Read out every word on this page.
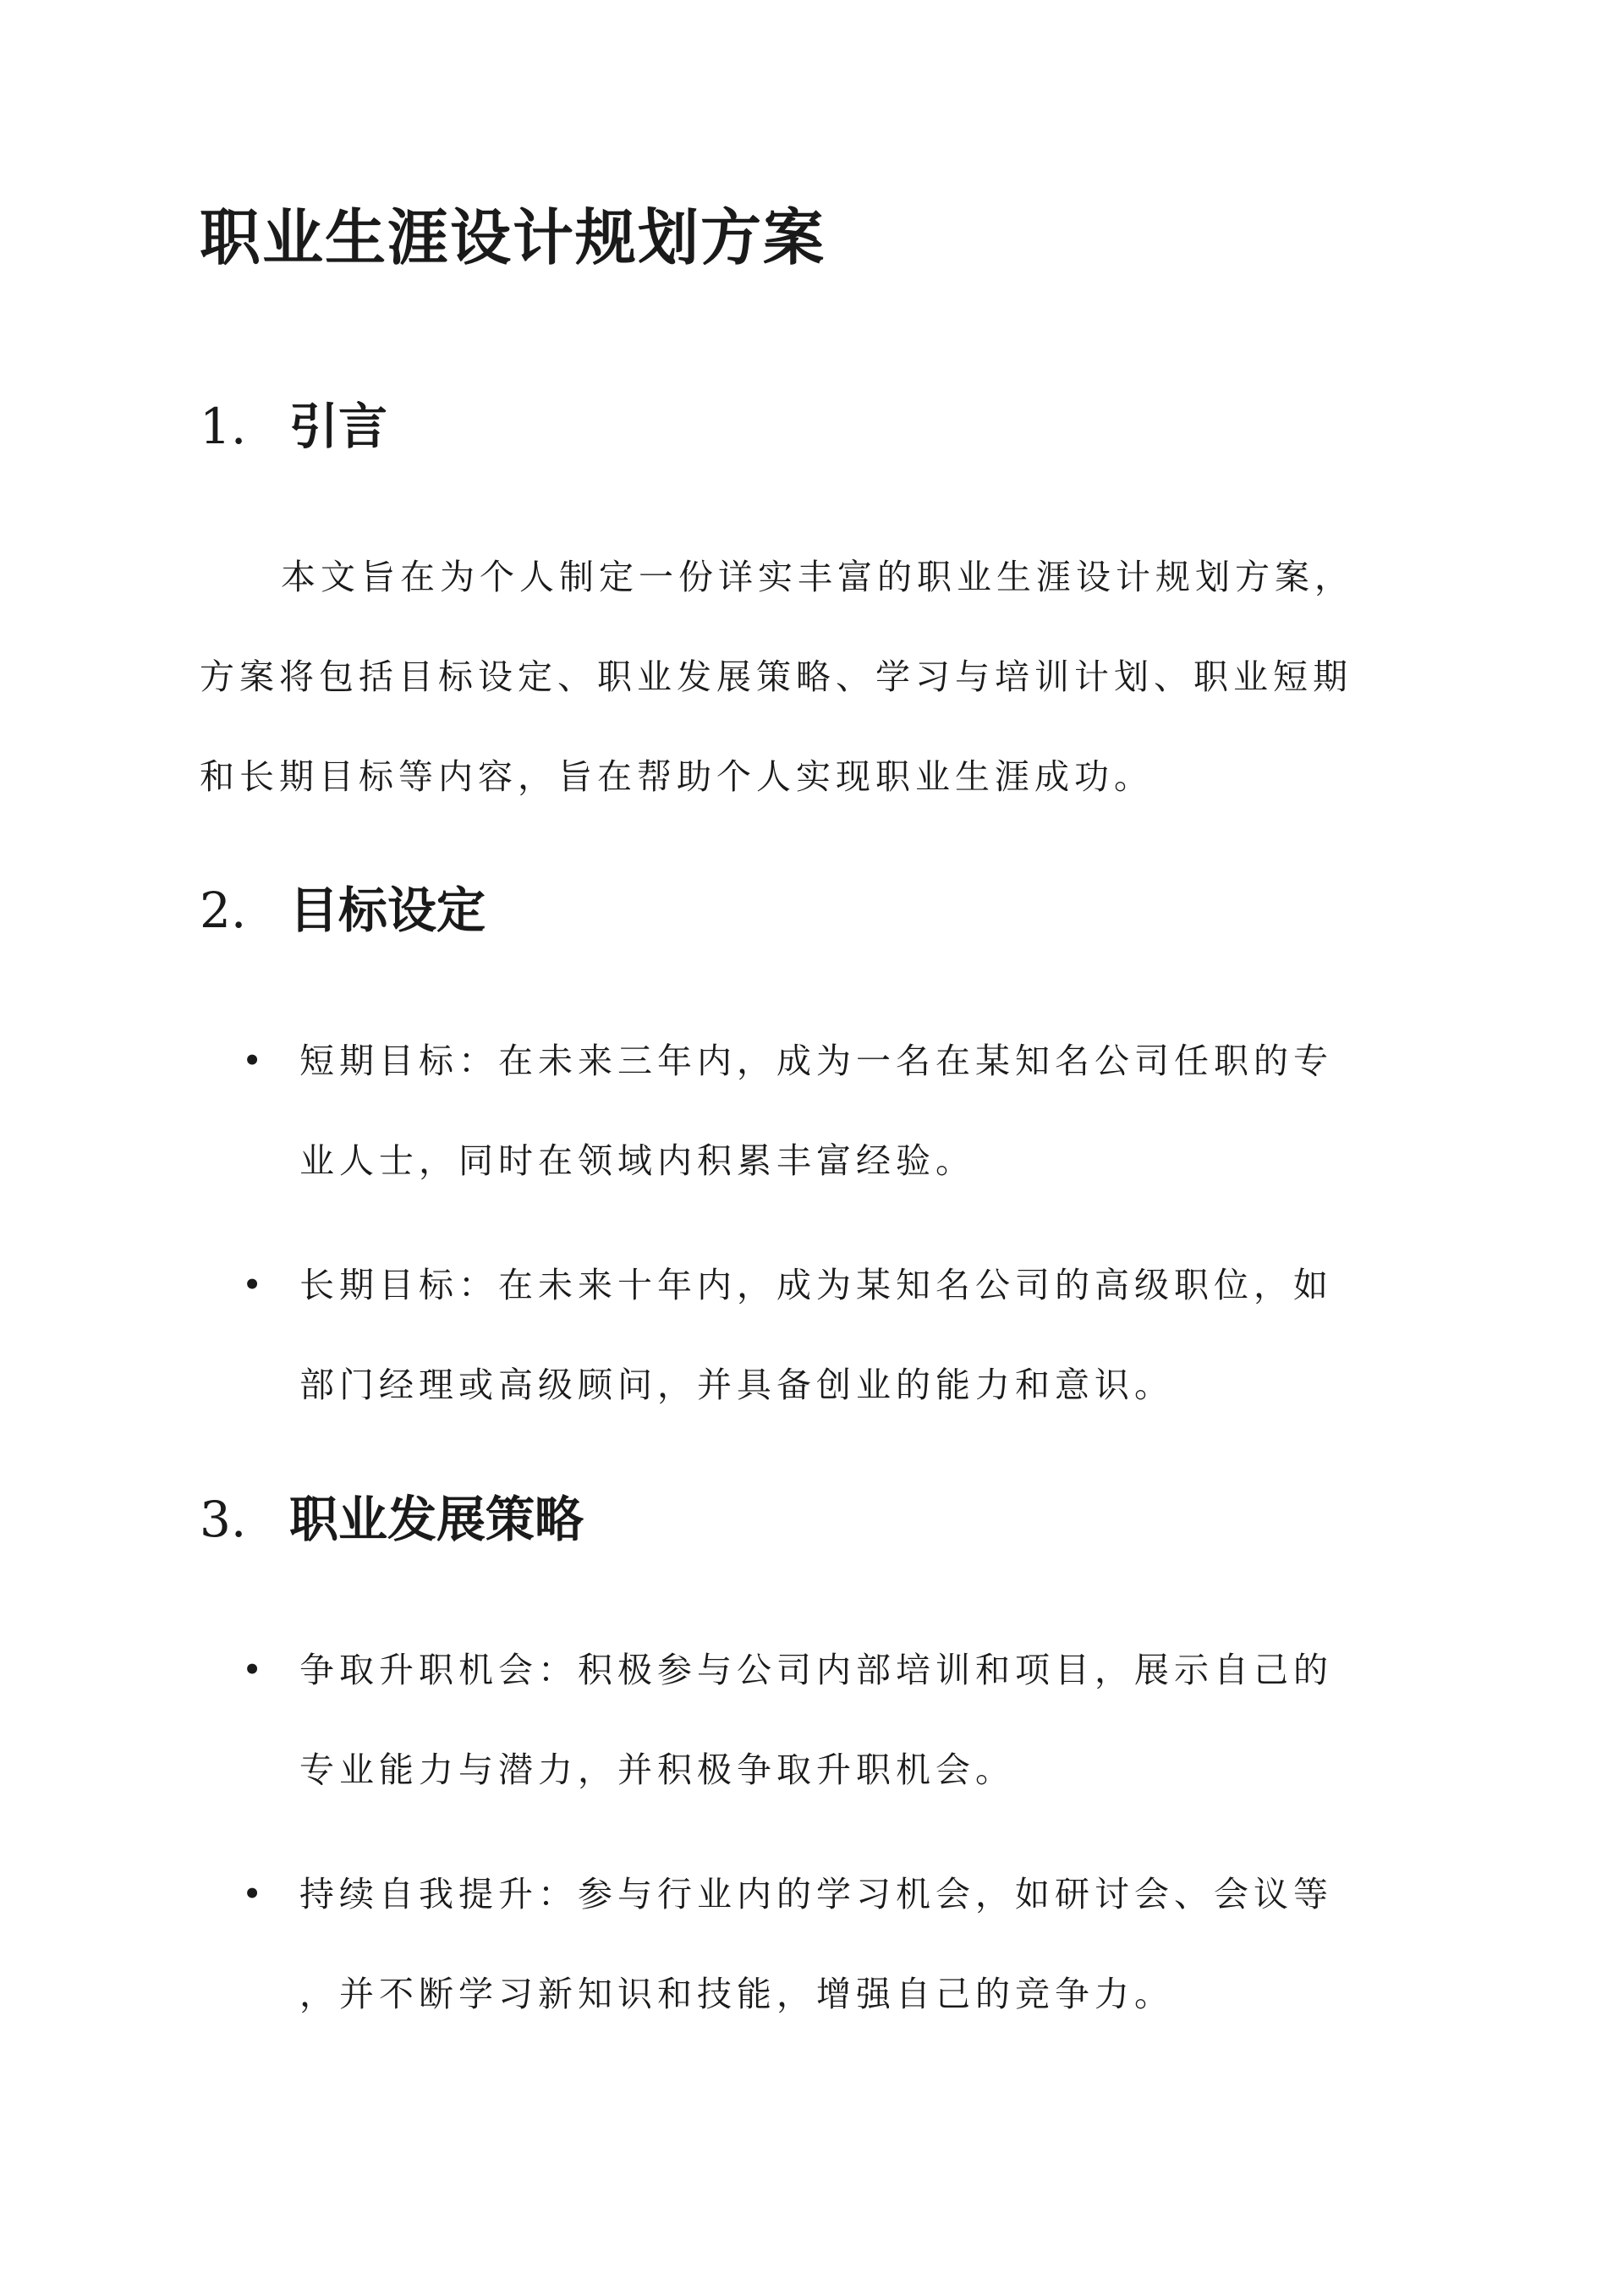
职业生涯设计规划方案
1. 引言

本文旨在为个人制定一份详实丰富的职业生涯设计规划方案，
方案将包括目标设定、职业发展策略、学习与培训计划、职业短期
和长期目标等内容，旨在帮助个人实现职业生涯成功。

2. 目标设定
• 短期目标：在未来三年内，成为一名在某知名公司任职的专
业人士，同时在领域内积累丰富经验。
• 长期目标：在未来十年内，成为某知名公司的高级职位，如
部门经理或高级顾问，并具备创业的能力和意识。
3. 职业发展策略
• 争取升职机会：积极参与公司内部培训和项目，展示自己的
专业能力与潜力，并积极争取升职机会。
• 持续自我提升：参与行业内的学习机会，如研讨会、会议等
，并不断学习新知识和技能，增强自己的竞争力。
